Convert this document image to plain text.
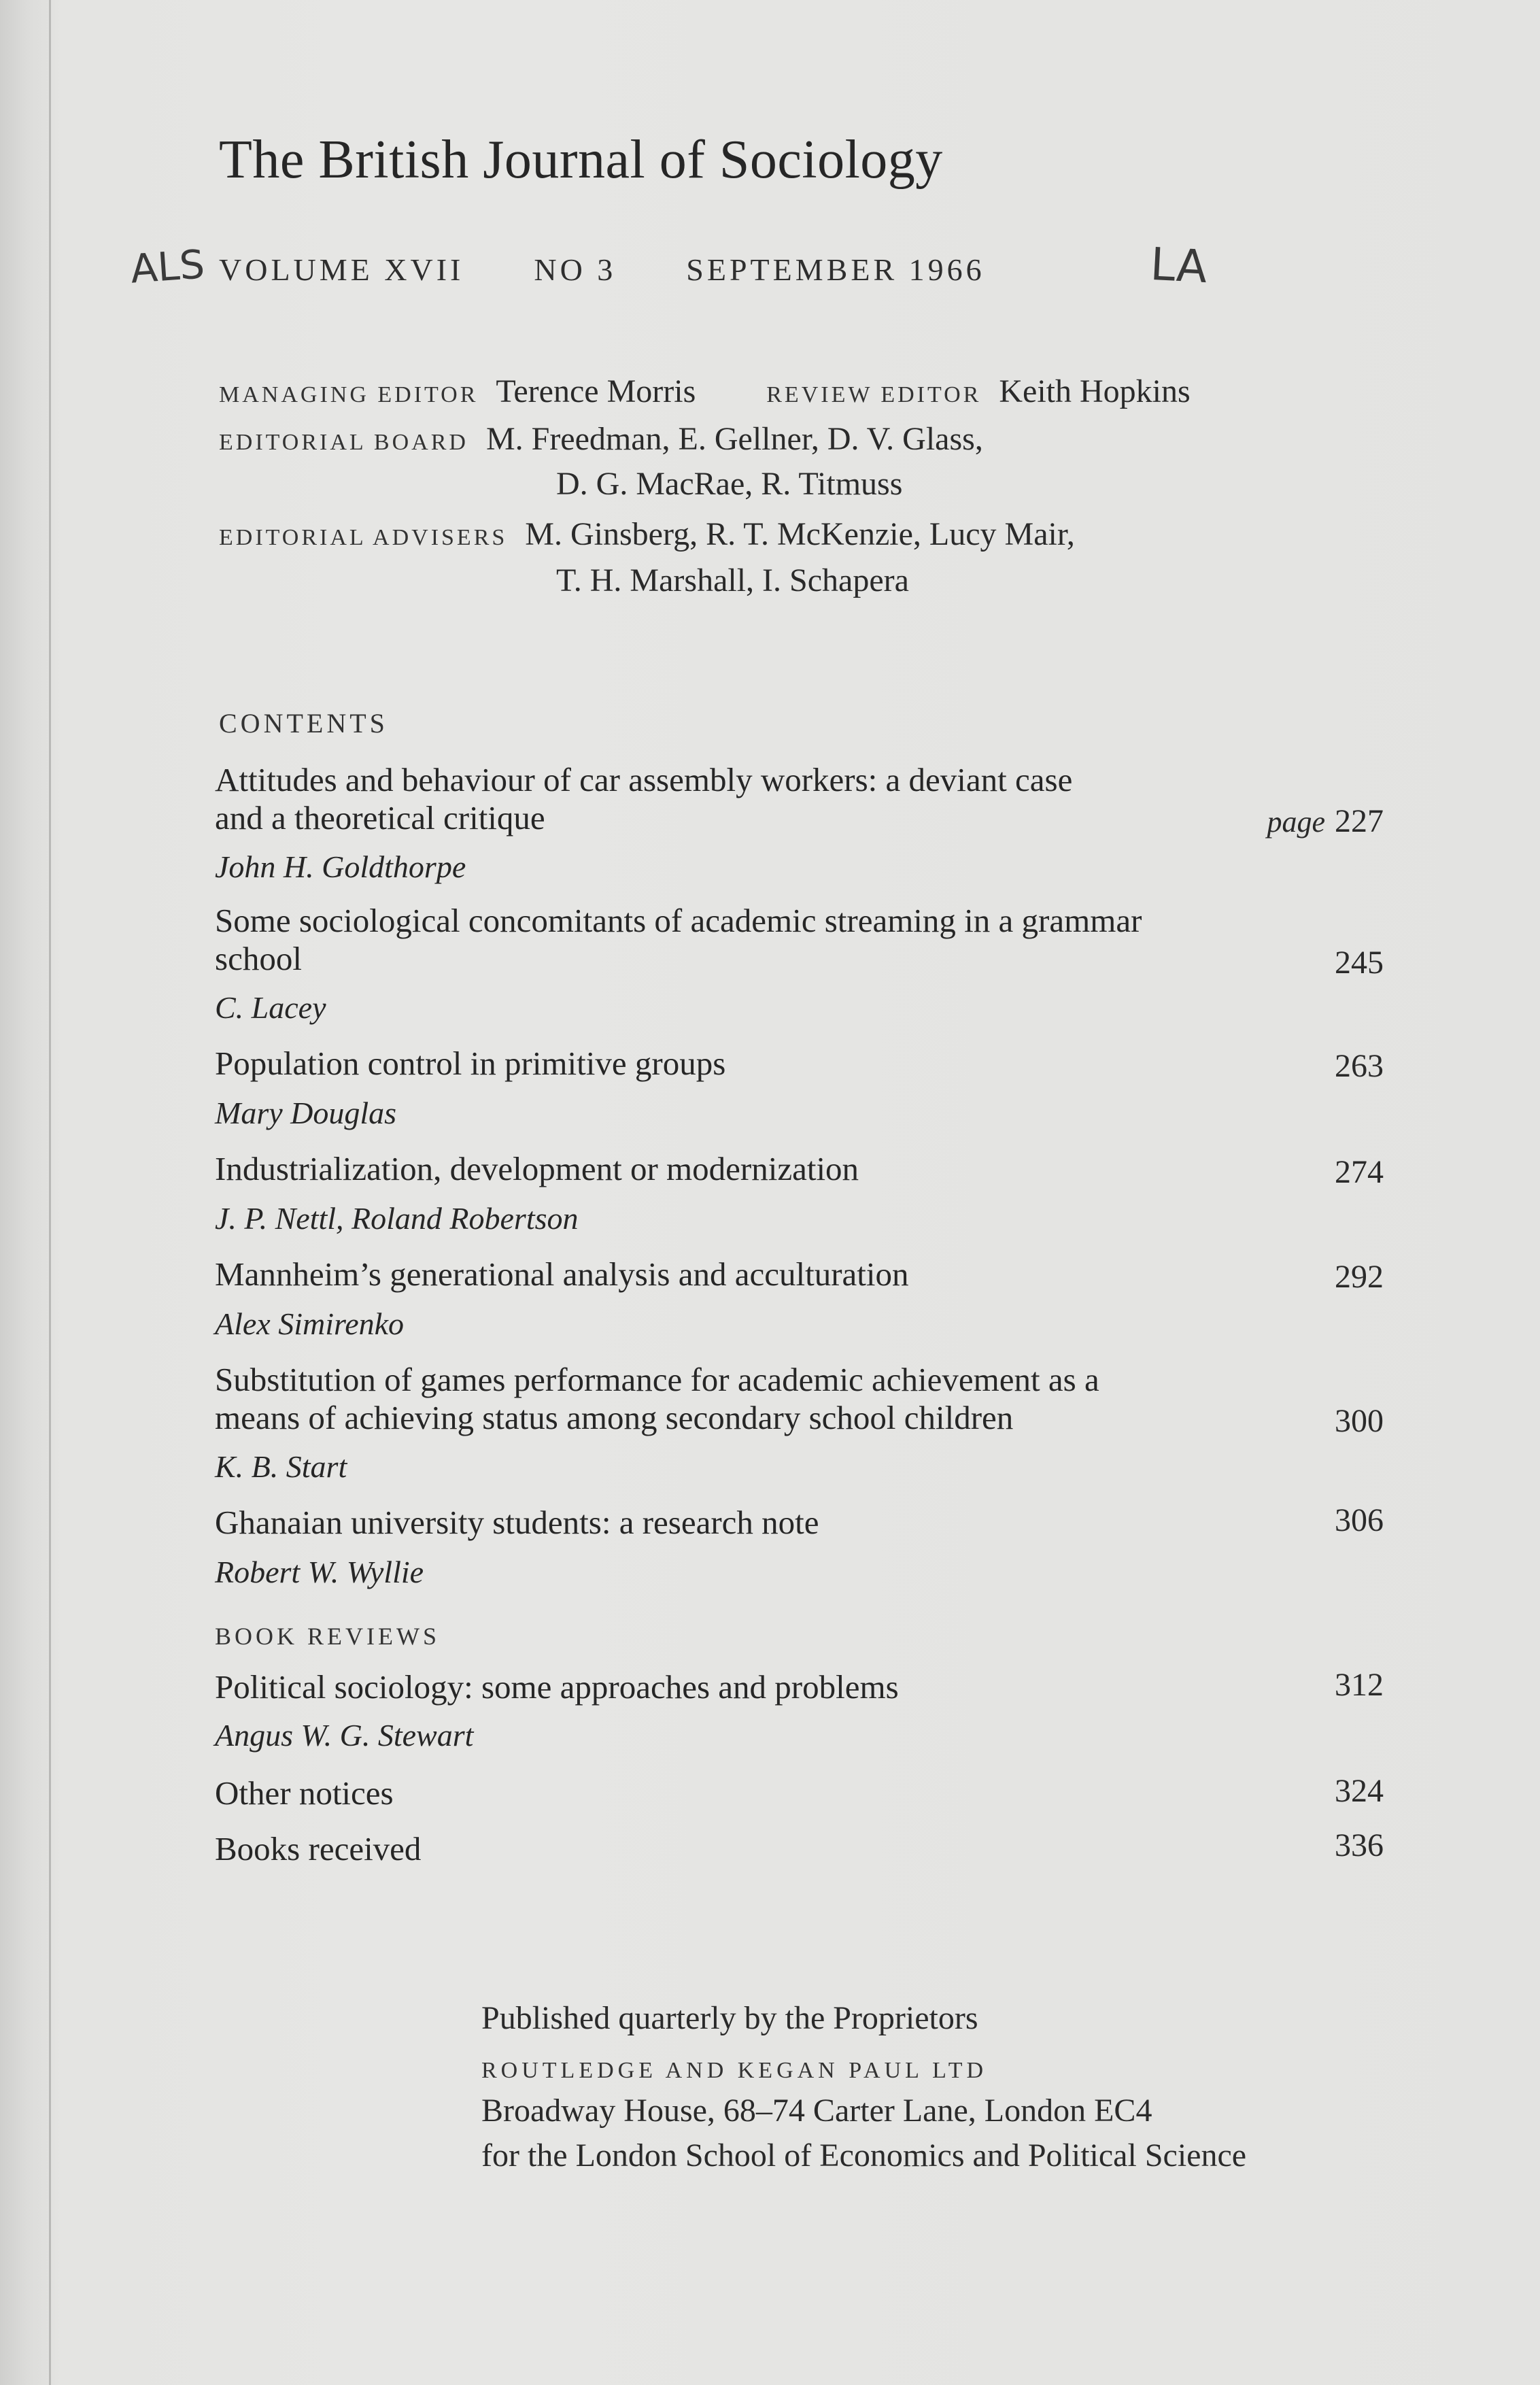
The British Journal of Sociology
ALS	LA
VOLUME XVII NO 3 SEPTEMBER 1966
MANAGING EDITOR Terence Morris	REVIEW EDITOR Keith Hopkins
EDITORIAL BOARD M. Freedman, E. Gellner, D. V. Glass,
D. G. MacRae, R. Titmuss
EDITORIAL ADVISERS M. Ginsberg, R. T. McKenzie, Lucy Mair,
T. H. Marshall, I. Schapera
CONTENTS
Attitudes and behaviour of car assembly workers: a deviant case
and a theoretical critique	page 227
John H. Goldthorpe
Some sociological concomitants of academic streaming in a grammar
school	245
C. Lacey
Population control in primitive groups	263
Mary Douglas
Industrialization, development or modernization	274
J. P. Nettl, Roland Robertson
Mannheim’s generational analysis and acculturation	292
Alex Simirenko
Substitution of games performance for academic achievement as a
means of achieving status among secondary school children	300
K. B. Start
Ghanaian university students: a research note	306
Robert W. Wyllie
BOOK REVIEWS
Political sociology: some approaches and problems	312
Angus W. G. Stewart
Other notices	324
Books received	336
Published quarterly by the Proprietors
ROUTLEDGE AND KEGAN PAUL LTD
Broadway House, 68–74 Carter Lane, London EC4
for the London School of Economics and Political Science
